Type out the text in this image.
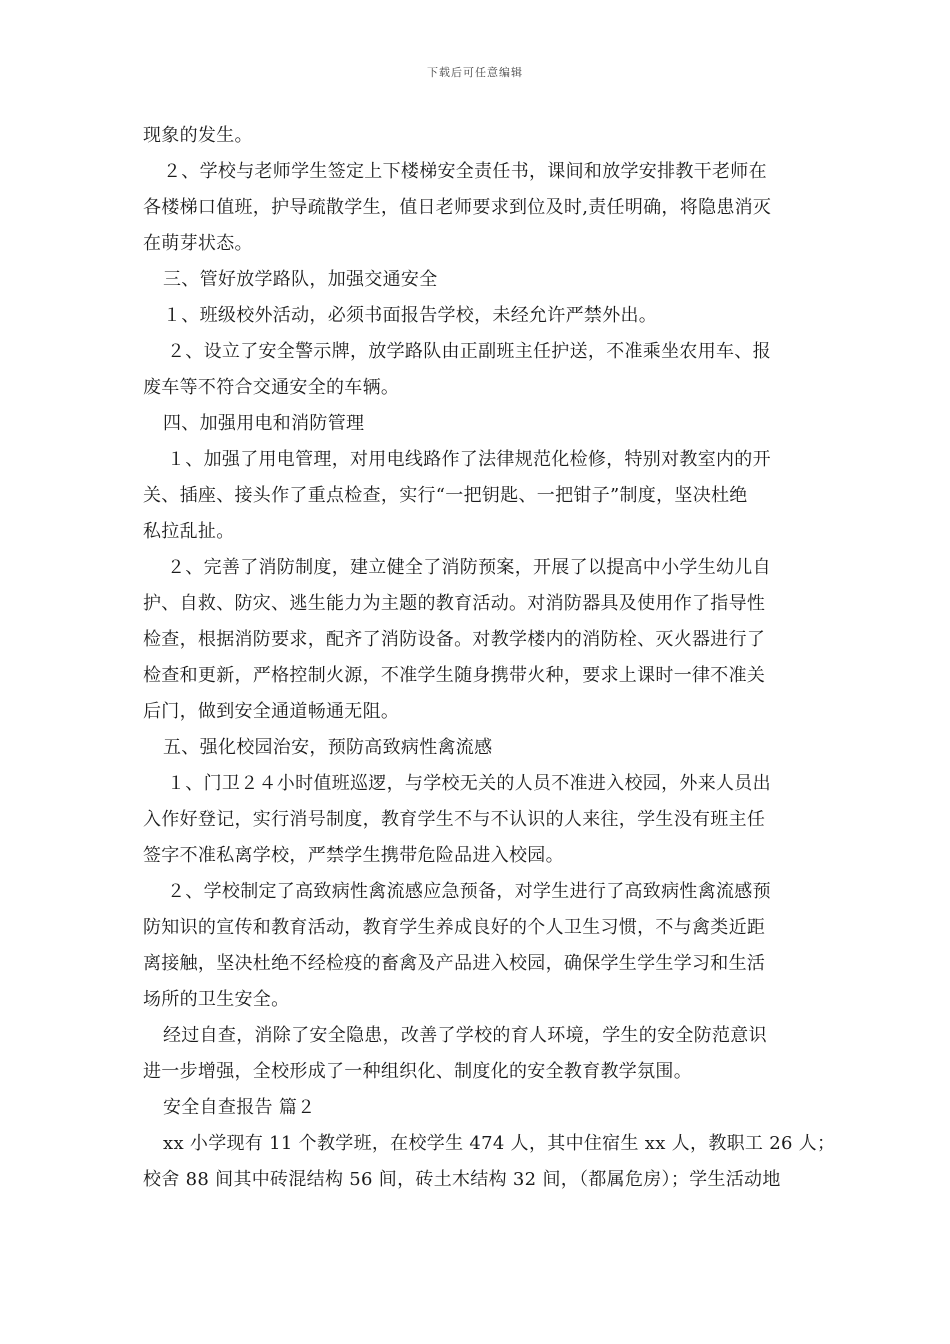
下载后可任意编辑
现象的发生。
２、学校与老师学生签定上下楼梯安全责任书，课间和放学安排教干老师在
各楼梯口值班，护导疏散学生，值日老师要求到位及时,责任明确，将隐患消灭
在萌芽状态。
三、管好放学路队，加强交通安全
１、班级校外活动，必须书面报告学校，未经允许严禁外出。
２、设立了安全警示牌，放学路队由正副班主任护送，不准乘坐农用车、报
废车等不符合交通安全的车辆。
四、加强用电和消防管理
１、加强了用电管理，对用电线路作了法律规范化检修，特别对教室内的开
关、插座、接头作了重点检查，实行“一把钥匙、一把钳子”制度，坚决杜绝
私拉乱扯。
２、完善了消防制度，建立健全了消防预案，开展了以提高中小学生幼儿自
护、自救、防灾、逃生能力为主题的教育活动。对消防器具及使用作了指导性
检查，根据消防要求，配齐了消防设备。对教学楼内的消防栓、灭火器进行了
检查和更新，严格控制火源，不准学生随身携带火种，要求上课时一律不准关
后门，做到安全通道畅通无阻。
五、强化校园治安，预防高致病性禽流感
１、门卫２４小时值班巡逻，与学校无关的人员不准进入校园，外来人员出
入作好登记，实行消号制度，教育学生不与不认识的人来往，学生没有班主任
签字不准私离学校，严禁学生携带危险品进入校园。
２、学校制定了高致病性禽流感应急预备，对学生进行了高致病性禽流感预
防知识的宣传和教育活动，教育学生养成良好的个人卫生习惯，不与禽类近距
离接触，坚决杜绝不经检疫的畜禽及产品进入校园，确保学生学生学习和生活
场所的卫生安全。
经过自查，消除了安全隐患，改善了学校的育人环境，学生的安全防范意识
进一步增强，全校形成了一种组织化、制度化的安全教育教学氛围。
安全自查报告 篇２
xx 小学现有 11 个教学班，在校学生 474 人，其中住宿生 xx 人，教职工 26 人；
校舍 88 间其中砖混结构 56 间，砖土木结构 32 间，（都属危房）；学生活动地
